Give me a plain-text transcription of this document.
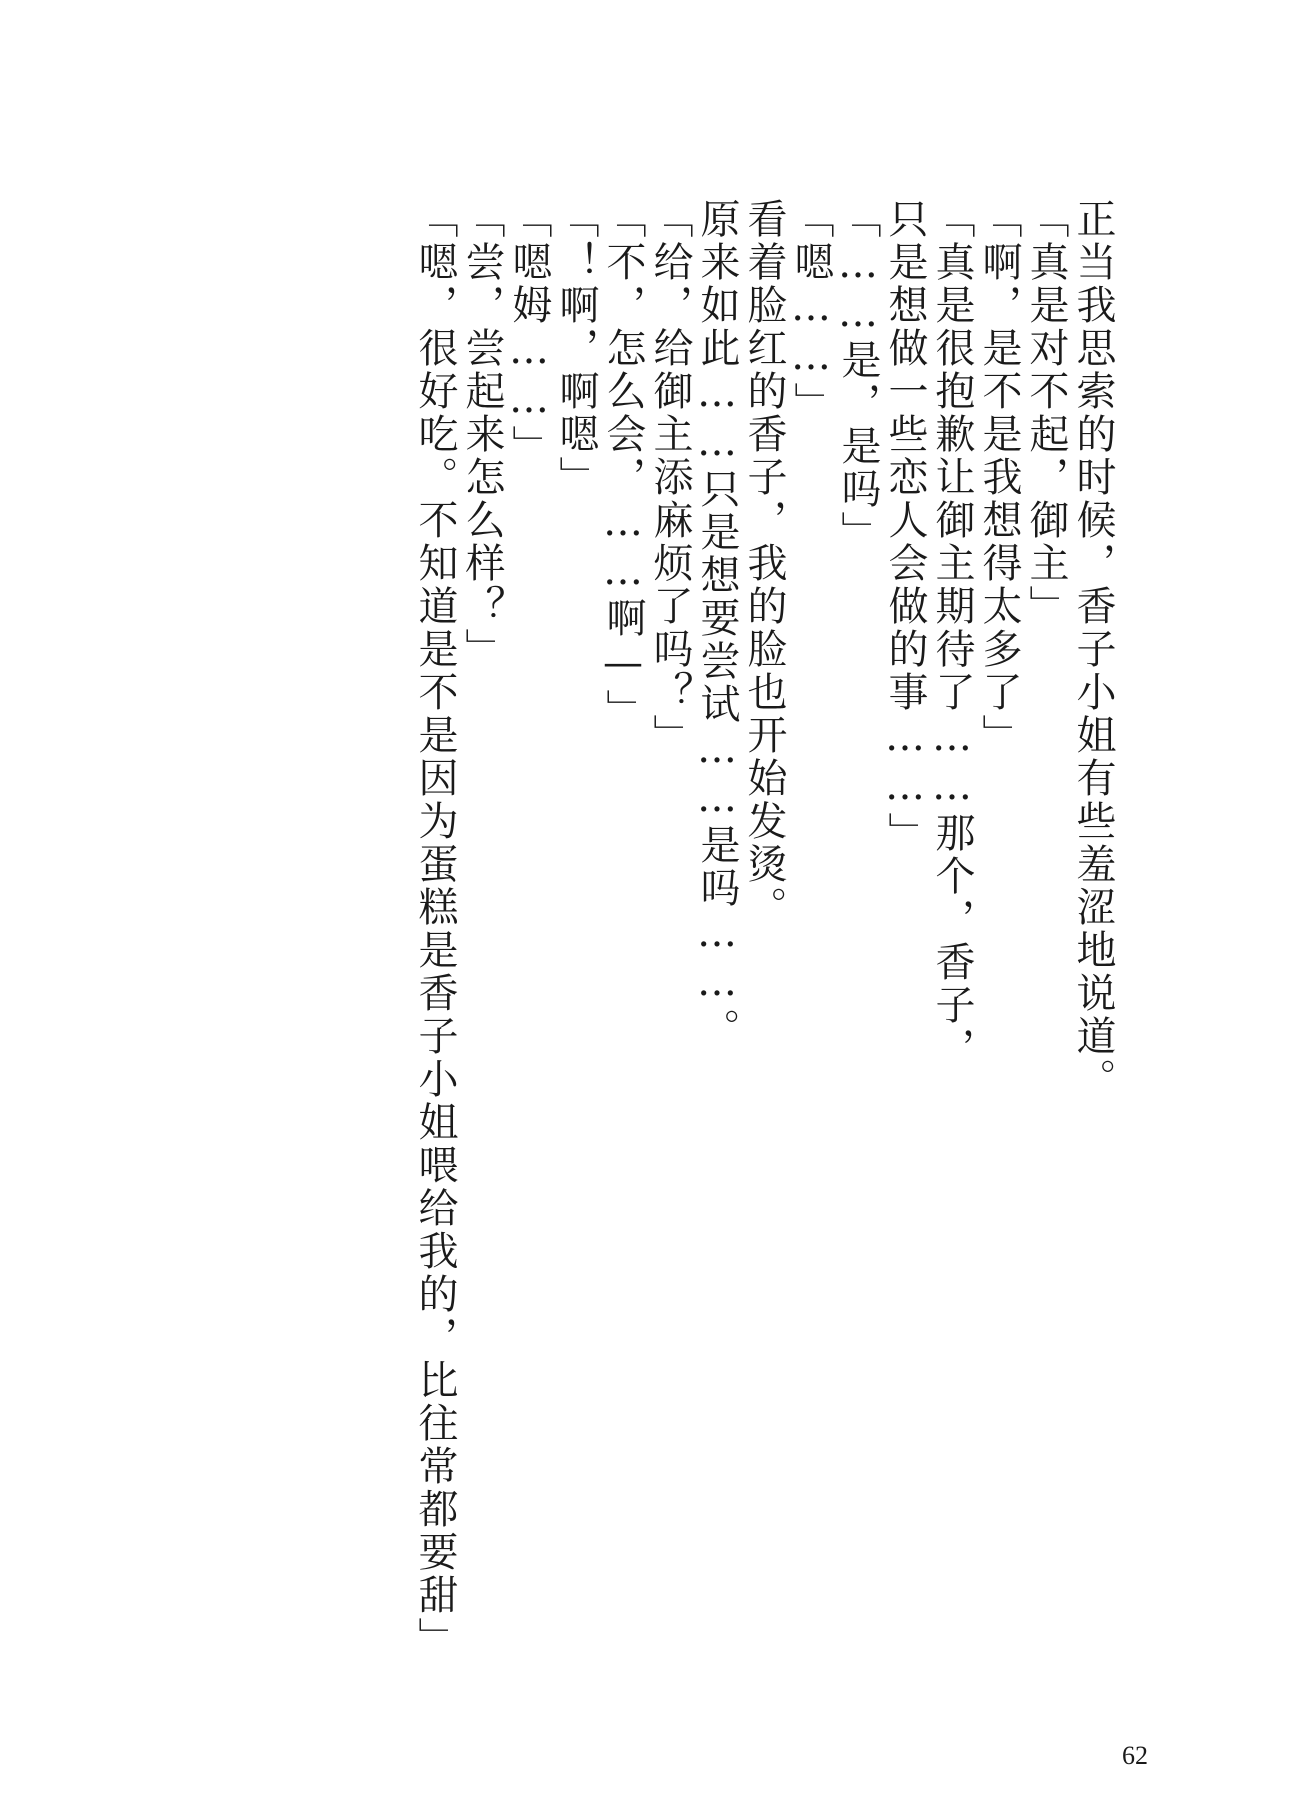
正当我思索的时候，香子小姐有些羞涩地说道。
「真是对不起，御主」
「啊，是不是我想得太多了」
「真是很抱歉让御主期待了……那个，香子，
只是想做一些恋人会做的事……」
「……是，是吗」
「嗯……」
看着脸红的香子，我的脸也开始发烫。
原来如此……只是想要尝试……是吗……。
「给，给御主添麻烦了吗？」
「不，怎么会，……啊—」
「！啊，啊嗯」
「嗯姆……」
「尝，尝起来怎么样？」
「嗯，很好吃。不知道是不是因为蛋糕是香子小姐喂给我的，比往常都要甜」
62
